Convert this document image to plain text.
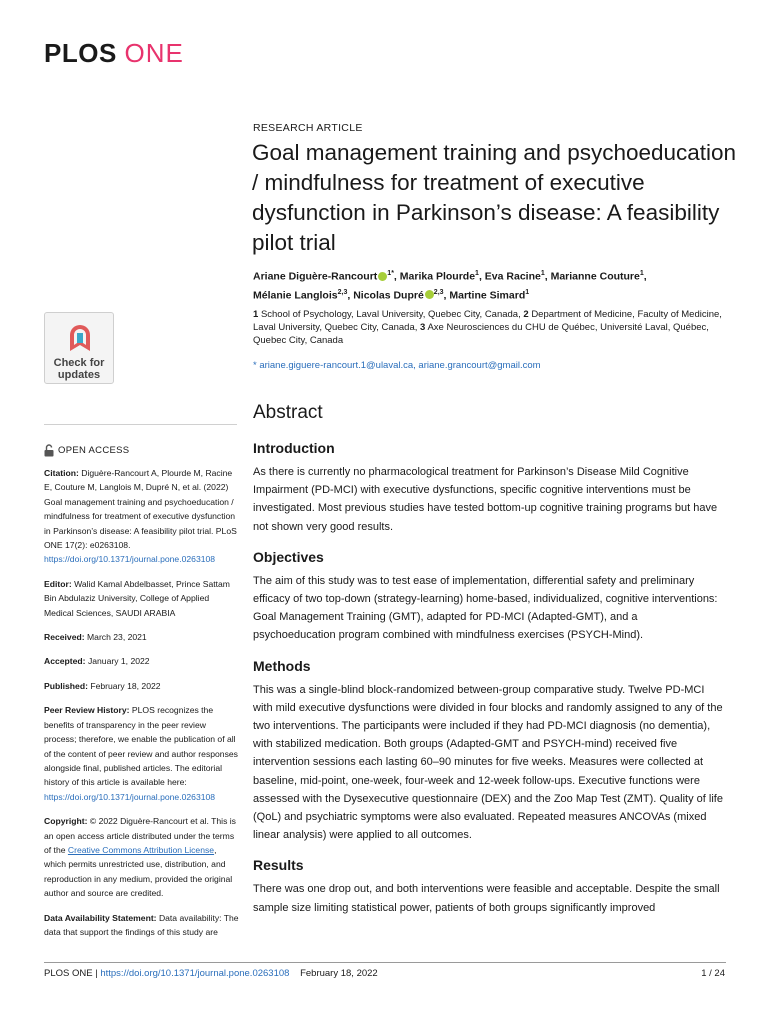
PLOS ONE
RESEARCH ARTICLE
Goal management training and psychoeducation / mindfulness for treatment of executive dysfunction in Parkinson’s disease: A feasibility pilot trial
Ariane Diguère-Rancourt $^{1*}$, Marika Plourde$^1$, Eva Racine$^1$, Marianne Couture$^1$,
Mélanie Langlois$^{2,3}$, Nicolas Dupré $^{2,3}$, Martine Simard$^1$
1 School of Psychology, Laval University, Quebec City, Canada, 2 Department of Medicine, Faculty of Medicine, Laval University, Quebec City, Canada, 3 Axe Neurosciences du CHU de Québec, Université Laval, Québec, Quebec City, Canada
* ariane.giguere-rancourt.1@ulaval.ca, ariane.grancourt@gmail.com
Check for
updates
OPEN ACCESS

Citation: Diguère-Rancourt A, Plourde M, Racine E, Couture M, Langlois M, Dupré N, et al. (2022) Goal management training and psychoeducation / mindfulness for treatment of executive dysfunction in Parkinson’s disease: A feasibility pilot trial. PLoS ONE 17(2): e0263108. https://doi.org/10.1371/journal.pone.0263108

Editor: Walid Kamal Abdelbasset, Prince Sattam Bin Abdulaziz University, College of Applied Medical Sciences, SAUDI ARABIA

Received: March 23, 2021

Accepted: January 1, 2022

Published: February 18, 2022

Peer Review History: PLOS recognizes the benefits of transparency in the peer review process; therefore, we enable the publication of all of the content of peer review and author responses alongside final, published articles. The editorial history of this article is available here: https://doi.org/10.1371/journal.pone.0263108

Copyright: © 2022 Diguère-Rancourt et al. This is an open access article distributed under the terms of the Creative Commons Attribution License, which permits unrestricted use, distribution, and reproduction in any medium, provided the original author and source are credited.

Data Availability Statement: Data availability: The data that support the findings of this study are

Abstract
Introduction

As there is currently no pharmacological treatment for Parkinson’s Disease Mild Cognitive Impairment (PD-MCI) with executive dysfunctions, specific cognitive interventions must be investigated. Most previous studies have tested bottom-up cognitive training programs but have not shown very good results.

Objectives

The aim of this study was to test ease of implementation, differential safety and preliminary efficacy of two top-down (strategy-learning) home-based, individualized, cognitive interventions: Goal Management Training (GMT), adapted for PD-MCI (Adapted-GMT), and a psychoeducation program combined with mindfulness exercises (PSYCH-Mind).

Methods

This was a single-blind block-randomized between-group comparative study. Twelve PD-MCI with mild executive dysfunctions were divided in four blocks and randomly assigned to any of the two interventions. The participants were included if they had PD-MCI diagnosis (no dementia), with stabilized medication. Both groups (Adapted-GMT and PSYCH-mind) received five intervention sessions each lasting 60–90 minutes for five weeks. Measures were collected at baseline, mid-point, one-week, four-week and 12-week follow-ups. Executive functions were assessed with the Dysexecutive questionnaire (DEX) and the Zoo Map Test (ZMT). Quality of life (QoL) and psychiatric symptoms were also evaluated. Repeated measures ANCOVAs (mixed linear analysis) were applied to all outcomes.

Results

There was one drop out, and both interventions were feasible and acceptable. Despite the small sample size limiting statistical power, patients of both groups significantly improved

PLOS ONE | https://doi.org/10.1371/journal.pone.0263108 February 18, 2022	1 / 24
